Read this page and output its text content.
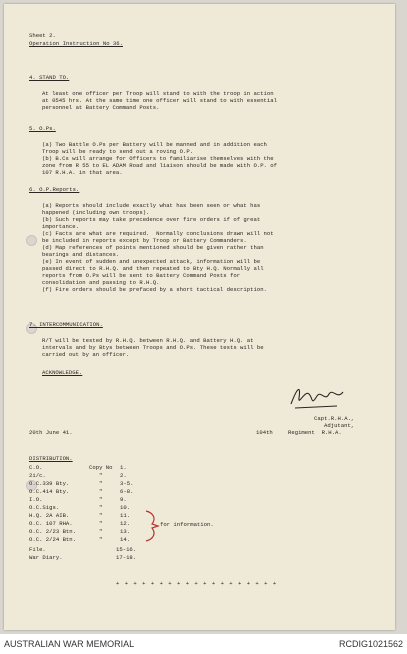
Sheet 2.
Operation Instruction No 36.
4. STAND TO.
At least one officer per Troop will stand to with the troop in action
at 0545 hrs. At the same time one officer will stand to with essential
personnel at Battery Command Posts.
5. O.Ps.
(a) Two Battle O.Ps per Battery will be manned and in addition each
Troop will be ready to send out a roving O.P.
(b) B.Cs will arrange for Officers to familiarise themselves with the
zone from R 55 to EL ADAM Road and liaison should be made with O.P. of
107 R.H.A. in that area.
6. O.P.Reports.
(a) Reports should include exactly what has been seen or what has
happened (including own troops).
(b) Such reports may take precedence over fire orders if of great
importance.
(c) Facts are what are required.  Normally conclusions drawn will not
be included in reports except by Troop or Battery Commanders.
(d) Map references of points mentioned should be given rather than
bearings and distances.
(e) In event of sudden and unexpected attack, information will be
passed direct to R.H.Q. and then repeated to Bty H.Q. Normally all
reports from O.Ps will be sent to Battery Command Posts for
consolidation and passing to R.H.Q.
(f) Fire orders should be prefaced by a short tactical description.
7. INTERCOMMUNICATION.
R/T will be tested by R.H.Q. between R.H.Q. and Battery H.Q. at
intervals and by Btys between Troops and O.Ps. These tests will be
carried out by an officer.
ACKNOWLEDGE.
Capt.R.H.A.,
Adjutant,
104th	Regiment  R.H.A.
20th June 41.
DISTRIBUTION.
Copy No
C.O.	1.
2i/c.	"	2.
O.C.339 Bty.	"	3-5.
O.C.414 Bty.	"	6-8.
I.O.	"	9.
O.C.Sigs.	"	10.
H.Q. 2A AIB.	"	11.
O.C. 107 RHA.	"	12.
O.C. 2/23 Btn.	"	13.
O.C. 2/24 Btn.	"	14.
File.	15-16.
War Diary.	17-18.
for information.
+ + + + + + + + + + + + + + + + + + +
AUSTRALIAN WAR MEMORIAL	RCDIG1021562
